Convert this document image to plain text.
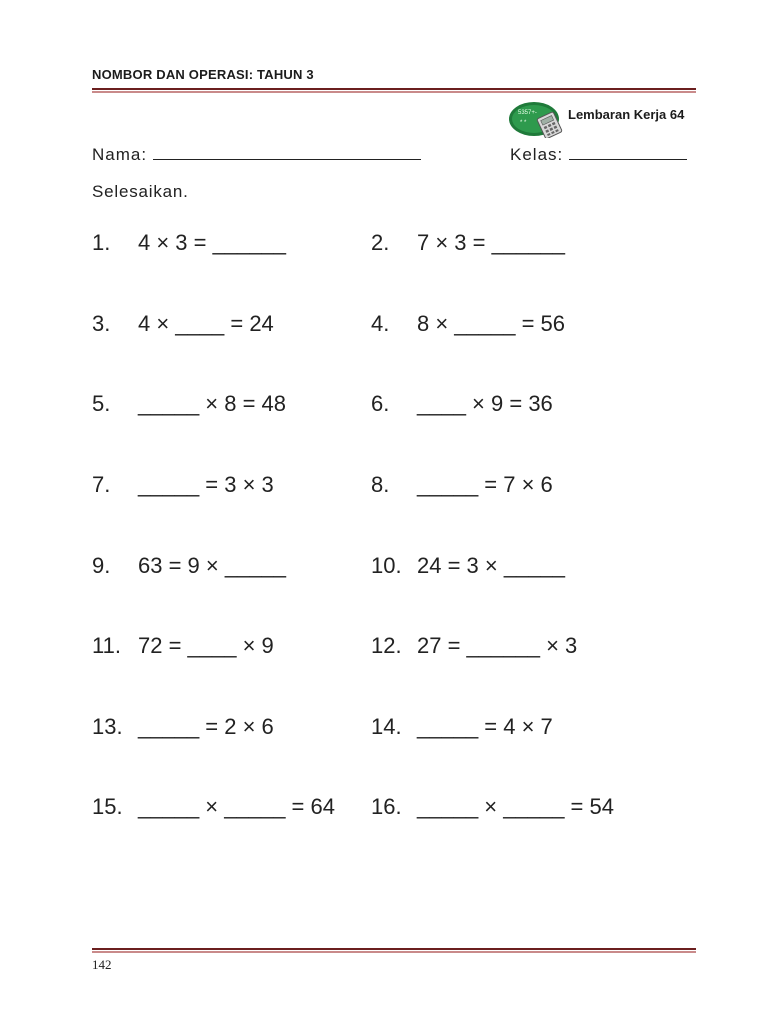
NOMBOR DAN OPERASI: TAHUN 3
5357+-
* *
Lembaran Kerja 64
Nama:	Kelas:
Selesaikan.
1. 4 × 3 = ______	2. 7 × 3 = ______
3. 4 × ____ = 24	4. 8 × _____ = 56
5. _____ × 8 = 48	6. ____ × 9 = 36
7. _____ = 3 × 3	8. _____ = 7 × 6
9. 63 = 9 × _____	10. 24 = 3 × _____
11. 72 = ____ × 9	12. 27 = ______ × 3
13. _____ = 2 × 6	14. _____ = 4 × 7
15. _____ × _____ = 64 16. _____ × _____ = 54
142
